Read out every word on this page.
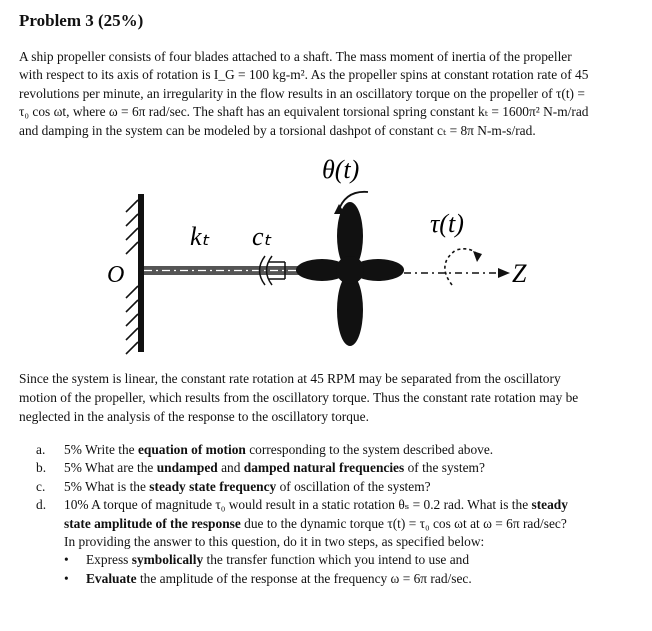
Problem 3 (25%)
A ship propeller consists of four blades attached to a shaft. The mass moment of inertia of the propeller
with respect to its axis of rotation is I_G = 100 kg-m². As the propeller spins at constant rotation rate of 45
revolutions per minute, an irregularity in the flow results in an oscillatory torque on the propeller of τ(t) =
τ₀ cos ωt, where ω = 6π rad/sec. The shaft has an equivalent torsional spring constant kₜ = 1600π² N-m/rad
and damping in the system can be modeled by a torsional dashpot of constant cₜ = 8π N-m-s/rad.
O
kₜ cₜ
θ(t)
Z
τ(t)
Since the system is linear, the constant rate rotation at 45 RPM may be separated from the oscillatory
motion of the propeller, which results from the oscillatory torque. Thus the constant rate rotation may be
neglected in the analysis of the response to the oscillatory torque.
a.	5% Write the equation of motion corresponding to the system described above.
b.	5% What are the undamped and damped natural frequencies of the system?
c.	5% What is the steady state frequency of oscillation of the system?
d.	10% A torque of magnitude τ₀ would result in a static rotation θₛ = 0.2 rad. What is the steady
state amplitude of the response due to the dynamic torque τ(t) = τ₀ cos ωt at ω = 6π rad/sec?
In providing the answer to this question, do it in two steps, as specified below:
•	Express symbolically the transfer function which you intend to use and
•	Evaluate the amplitude of the response at the frequency ω = 6π rad/sec.
